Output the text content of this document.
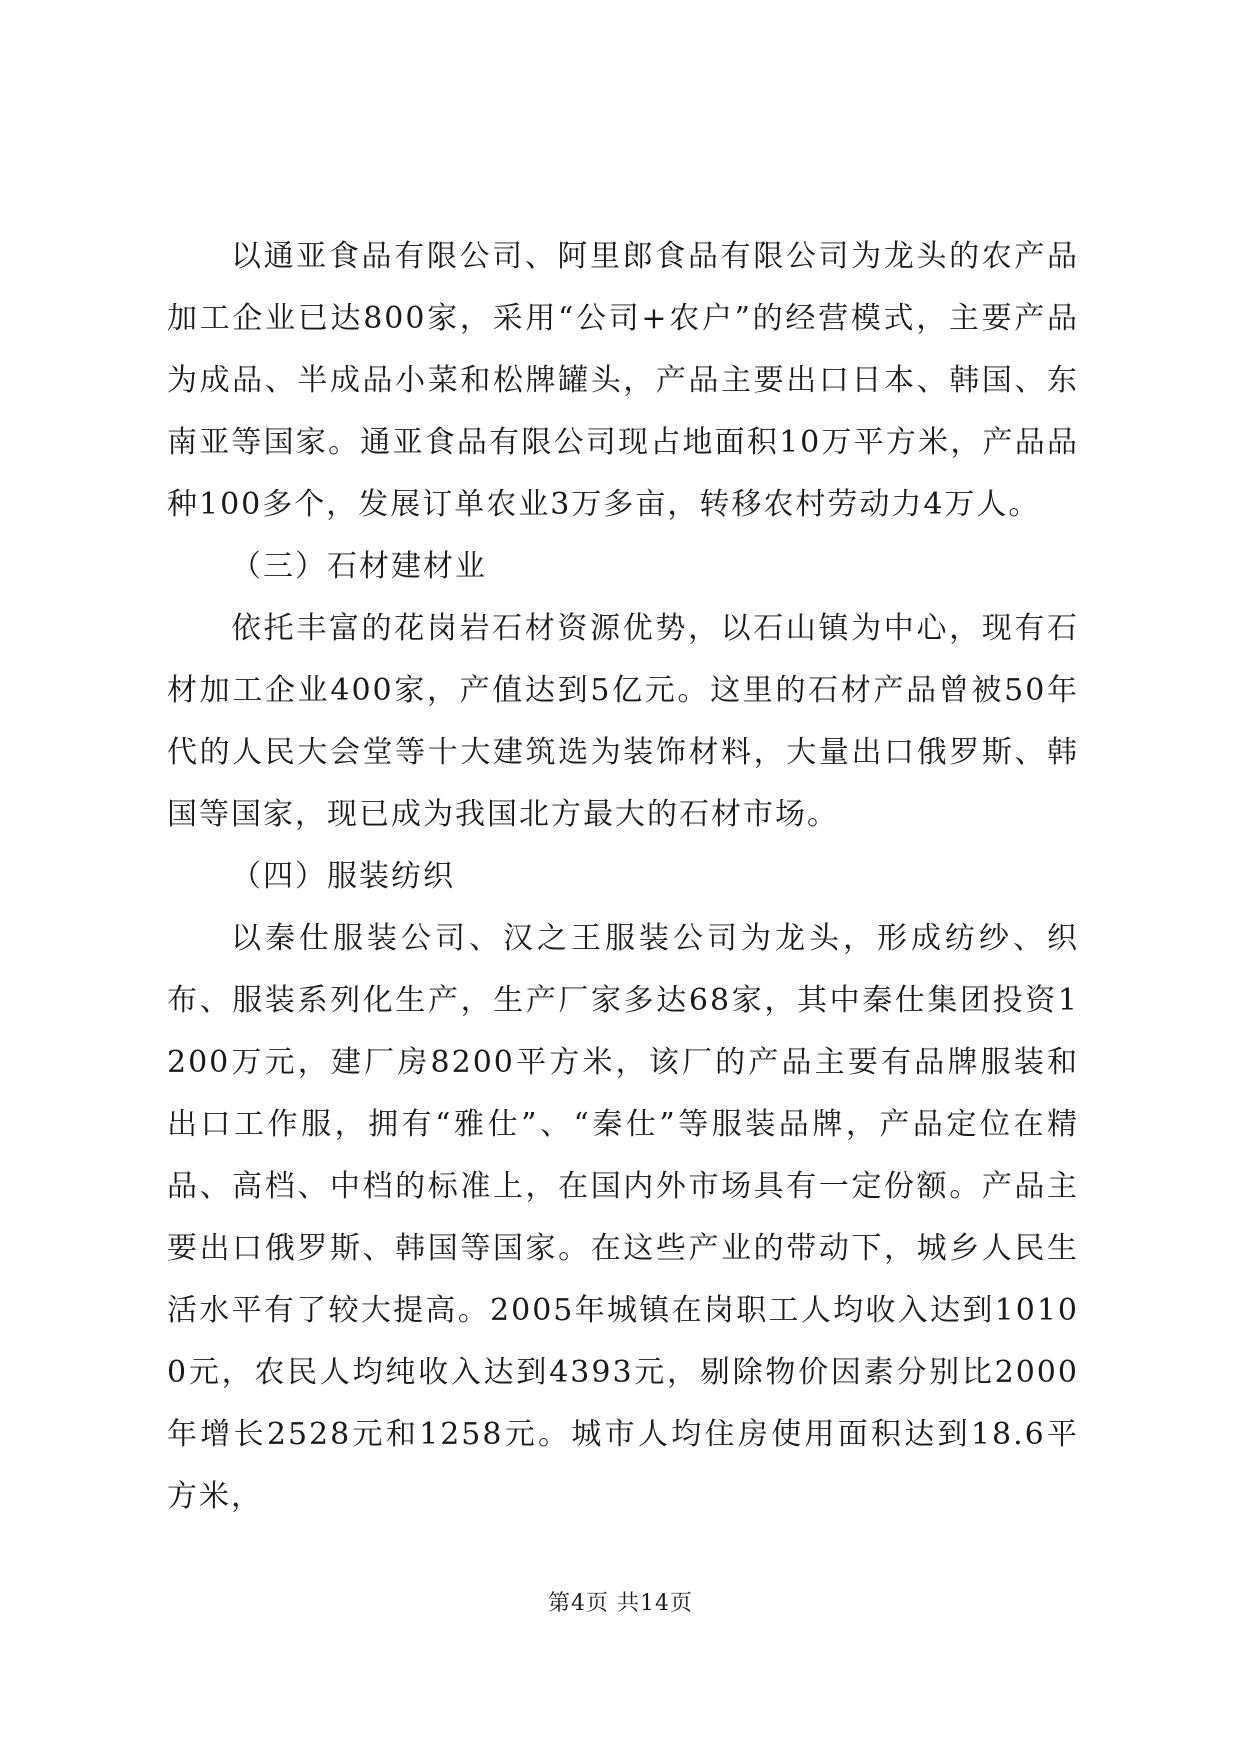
以通亚食品有限公司、阿里郎食品有限公司为龙头的农产品加工企业已达800家，采用“公司+农户”的经营模式，主要产品为成品、半成品小菜和松牌罐头，产品主要出口日本、韩国、东南亚等国家。通亚食品有限公司现占地面积10万平方米，产品品种100多个，发展订单农业3万多亩，转移农村劳动力4万人。

（三）石材建材业

依托丰富的花岗岩石材资源优势，以石山镇为中心，现有石材加工企业400家，产值达到5亿元。这里的石材产品曾被50年代的人民大会堂等十大建筑选为装饰材料，大量出口俄罗斯、韩国等国家，现已成为我国北方最大的石材市场。

（四）服装纺织

以秦仕服装公司、汉之王服装公司为龙头，形成纺纱、织布、服装系列化生产，生产厂家多达68家，其中秦仕集团投资1200万元，建厂房8200平方米，该厂的产品主要有品牌服装和出口工作服，拥有“雅仕”、“秦仕”等服装品牌，产品定位在精品、高档、中档的标准上，在国内外市场具有一定份额。产品主要出口俄罗斯、韩国等国家。在这些产业的带动下，城乡人民生活水平有了较大提高。2005年城镇在岗职工人均收入达到10100元，农民人均纯收入达到4393元，剔除物价因素分别比2000年增长2528元和1258元。城市人均住房使用面积达到18.6平方米，

第4页 共14页
